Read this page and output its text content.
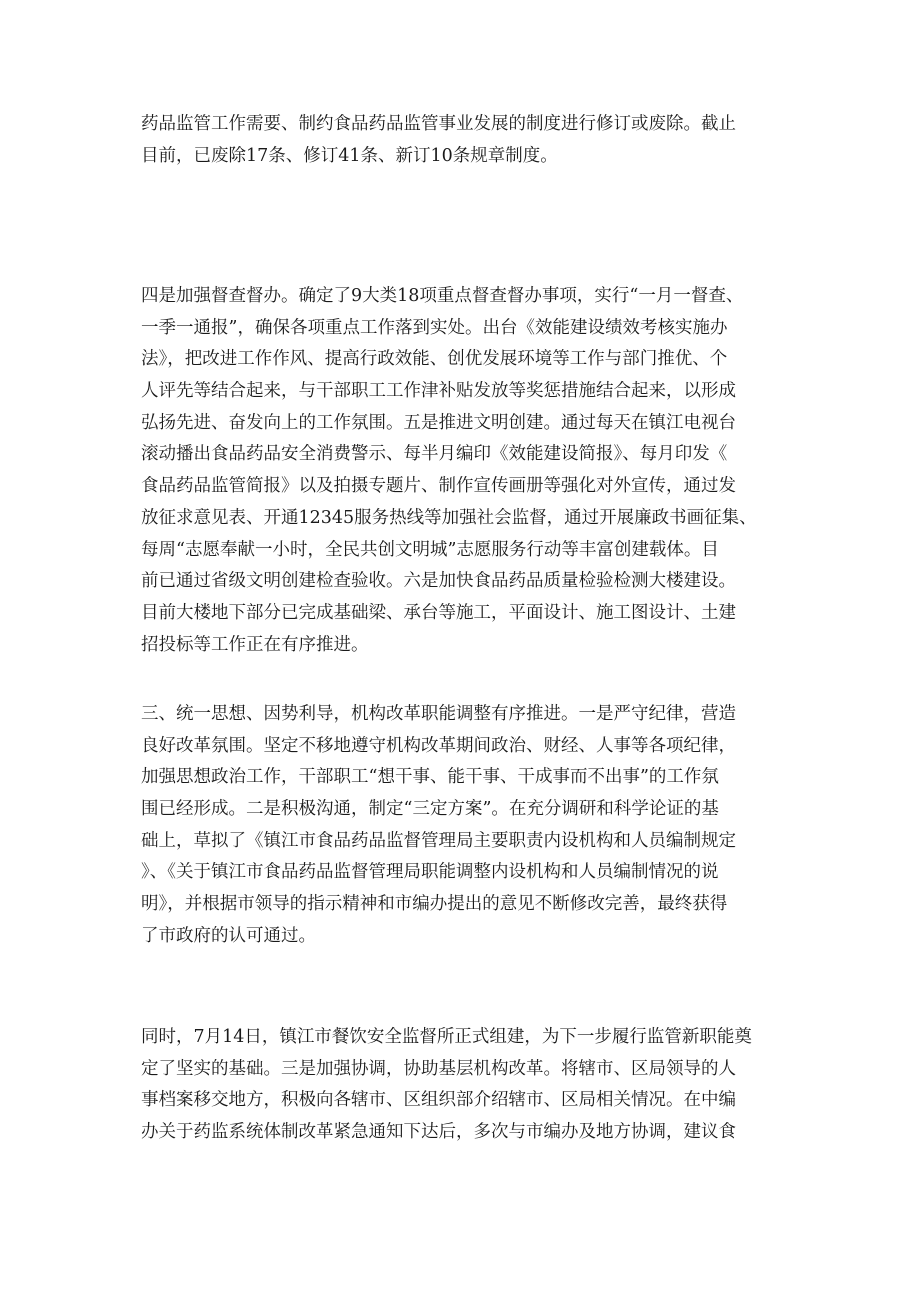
药品监管工作需要、制约食品药品监管事业发展的制度进行修订或废除。截止
目前，已废除17条、修订41条、新订10条规章制度。
四是加强督查督办。确定了9大类18项重点督查督办事项，实行“一月一督查、
一季一通报”，确保各项重点工作落到实处。出台《效能建设绩效考核实施办
法》，把改进工作作风、提高行政效能、创优发展环境等工作与部门推优、个
人评先等结合起来，与干部职工工作津补贴发放等奖惩措施结合起来，以形成
弘扬先进、奋发向上的工作氛围。五是推进文明创建。通过每天在镇江电视台
滚动播出食品药品安全消费警示、每半月编印《效能建设简报》、每月印发《
食品药品监管简报》以及拍摄专题片、制作宣传画册等强化对外宣传，通过发
放征求意见表、开通12345服务热线等加强社会监督，通过开展廉政书画征集、
每周“志愿奉献一小时，全民共创文明城”志愿服务行动等丰富创建载体。目
前已通过省级文明创建检查验收。六是加快食品药品质量检验检测大楼建设。
目前大楼地下部分已完成基础梁、承台等施工，平面设计、施工图设计、土建
招投标等工作正在有序推进。
三、统一思想、因势利导，机构改革职能调整有序推进。一是严守纪律，营造
良好改革氛围。坚定不移地遵守机构改革期间政治、财经、人事等各项纪律，
加强思想政治工作，干部职工“想干事、能干事、干成事而不出事”的工作氛
围已经形成。二是积极沟通，制定“三定方案”。在充分调研和科学论证的基
础上，草拟了《镇江市食品药品监督管理局主要职责内设机构和人员编制规定
》、《关于镇江市食品药品监督管理局职能调整内设机构和人员编制情况的说
明》，并根据市领导的指示精神和市编办提出的意见不断修改完善，最终获得
了市政府的认可通过。
同时，7月14日，镇江市餐饮安全监督所正式组建，为下一步履行监管新职能奠
定了坚实的基础。三是加强协调，协助基层机构改革。将辖市、区局领导的人
事档案移交地方，积极向各辖市、区组织部介绍辖市、区局相关情况。在中编
办关于药监系统体制改革紧急通知下达后，多次与市编办及地方协调，建议食
